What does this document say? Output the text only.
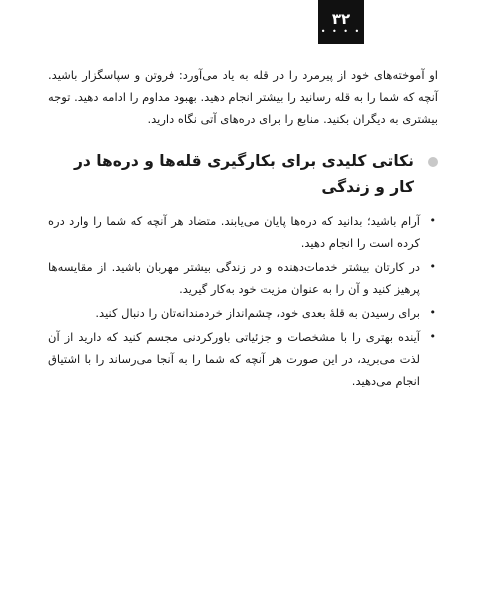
۳۲
• • • •

او آموخته‌های خود از پیرمرد را در قله به یاد می‌آورد: فروتن و سپاسگزار باشید. آنچه که شما را به قله رسانید را بیشتر انجام دهید. بهبود مداوم را ادامه دهید. توجه بیشتری به دیگران بکنید. منابع را برای دره‌های آتی نگاه دارید.

نکاتی کلیدی برای بکارگیری قله‌ها و دره‌ها در کار و زندگی
•
آرام باشید؛ بدانید که دره‌ها پایان می‌یابند. متضاد هر آنچه که شما را وارد دره کرده است را انجام دهید.
•
در کارتان بیشتر خدمات‌دهنده و در زندگی بیشتر مهربان باشید. از مقایسه‌ها پرهیز کنید و آن را به عنوان مزیت خود به‌کار گیرید.
•
برای رسیدن به قلهٔ بعدی خود، چشم‌انداز خردمندانه‌تان را دنبال کنید.
•
آینده بهتری را با مشخصات و جزئیاتی باورکردنی مجسم کنید که دارید از آن لذت می‌برید، در این صورت هر آنچه که شما را به آنجا می‌رساند را با اشتیاق انجام می‌دهید.
